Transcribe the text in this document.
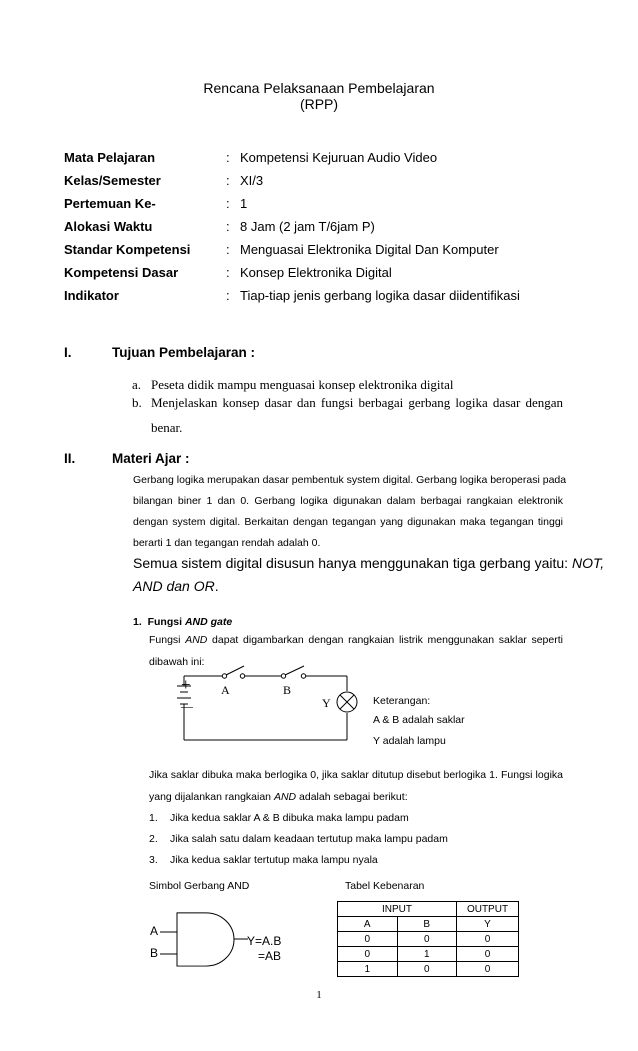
Rencana Pelaksanaan Pembelajaran
(RPP)
Mata Pelajaran	: Kompetensi Kejuruan Audio Video
Kelas/Semester	: XI/3
Pertemuan Ke-	: 1
Alokasi Waktu	: 8 Jam (2 jam T/6jam P)
Standar Kompetensi	: Menguasai Elektronika Digital Dan Komputer
Kompetensi Dasar	: Konsep Elektronika Digital
Indikator	: Tiap-tiap jenis gerbang logika dasar diidentifikasi
I.	Tujuan Pembelajaran :
a. Peseta didik mampu menguasai konsep elektronika digital
b. Menjelaskan konsep dasar dan fungsi berbagai gerbang logika dasar dengan
benar.
II.	Materi Ajar :
Gerbang logika merupakan dasar pembentuk system digital. Gerbang logika beroperasi pada
bilangan biner 1 dan 0. Gerbang logika digunakan dalam berbagai rangkaian elektronik
dengan system digital. Berkaitan dengan tegangan yang digunakan maka tegangan tinggi
berarti 1 dan tegangan rendah adalah 0.
Semua sistem digital disusun hanya menggunakan tiga gerbang yaitu: NOT,
AND dan OR.
1. Fungsi AND gate
Fungsi AND dapat digambarkan dengan rangkaian listrik menggunakan saklar seperti
dibawah ini:
+
—
A	B
Y	Keterangan:
A & B adalah saklar
Y adalah lampu
Jika saklar dibuka maka berlogika 0, jika saklar ditutup disebut berlogika 1. Fungsi logika
yang dijalankan rangkaian AND adalah sebagai berikut:
1. Jika kedua saklar A & B dibuka maka lampu padam
2. Jika salah satu dalam keadaan tertutup maka lampu padam
3. Jika kedua saklar tertutup maka lampu nyala
Simbol Gerbang AND	Tabel Kebenaran
A
B
Y=A.B
=AB
INPUT		OUTPUT
A	B	Y
0	0	0
0	1	0
1	0	0
1
